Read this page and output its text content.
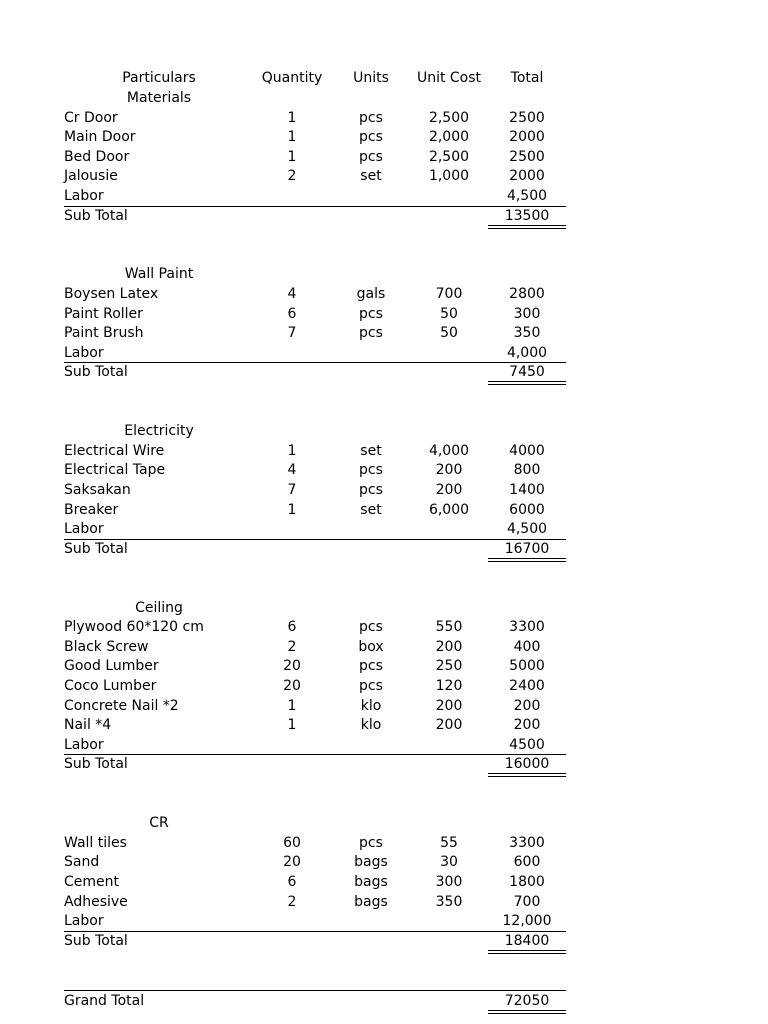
Particulars	Quantity	Units	Unit Cost	Total
Materials
Cr Door	1	pcs	2,500	2500
Main Door	1	pcs	2,000	2000
Bed Door	1	pcs	2,500	2500
Jalousie	2	set	1,000	2000
Labor	4,500
Sub Total	13500
Wall Paint
Boysen Latex	4	gals	700	2800
Paint Roller	6	pcs	50	300
Paint Brush	7	pcs	50	350
Labor	4,000
Sub Total	7450
Electricity
Electrical Wire	1	set	4,000	4000
Electrical Tape	4	pcs	200	800
Saksakan	7	pcs	200	1400
Breaker	1	set	6,000	6000
Labor	4,500
Sub Total	16700
Ceiling
Plywood 60*120 cm	6	pcs	550	3300
Black Screw	2	box	200	400
Good Lumber	20	pcs	250	5000
Coco Lumber	20	pcs	120	2400
Concrete Nail *2	1	klo	200	200
Nail *4	1	klo	200	200
Labor	4500
Sub Total	16000
CR
Wall tiles	60	pcs	55	3300
Sand	20	bags	30	600
Cement	6	bags	300	1800
Adhesive	2	bags	350	700
Labor	12,000
Sub Total	18400
Grand Total	72050
